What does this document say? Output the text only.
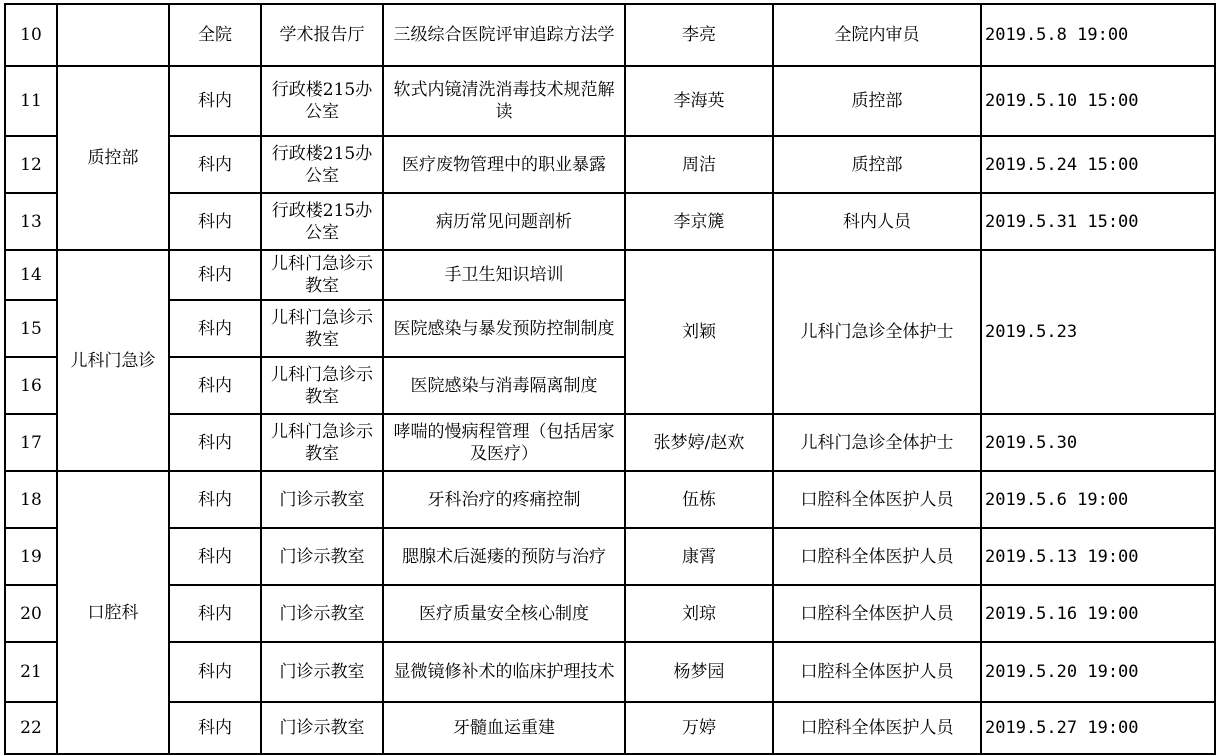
10		全院	学术报告厅	三级综合医院评审追踪方法学	李亮	全院内审员	2019.5.8 19:00
11	质控部	科内	行政楼215办公室	软式内镜清洗消毒技术规范解读	李海英	质控部	2019.5.10 15:00
12		科内	行政楼215办公室	医疗废物管理中的职业暴露	周洁	质控部	2019.5.24 15:00
13		科内	行政楼215办公室	病历常见问题剖析	李京篪	科内人员	2019.5.31 15:00
14	儿科门急诊	科内	儿科门急诊示教室	手卫生知识培训	刘颖	儿科门急诊全体护士	2019.5.23
15		科内	儿科门急诊示教室	医院感染与暴发预防控制制度			
16		科内	儿科门急诊示教室	医院感染与消毒隔离制度			
17		科内	儿科门急诊示教室	哮喘的慢病程管理（包括居家及医疗）	张梦婷/赵欢	儿科门急诊全体护士	2019.5.30
18	口腔科	科内	门诊示教室	牙科治疗的疼痛控制	伍栋	口腔科全体医护人员	2019.5.6 19:00
19		科内	门诊示教室	腮腺术后涎瘘的预防与治疗	康霄	口腔科全体医护人员	2019.5.13 19:00
20		科内	门诊示教室	医疗质量安全核心制度	刘琼	口腔科全体医护人员	2019.5.16 19:00
21		科内	门诊示教室	显微镜修补术的临床护理技术	杨梦园	口腔科全体医护人员	2019.5.20 19:00
22		科内	门诊示教室	牙髓血运重建	万婷	口腔科全体医护人员	2019.5.27 19:00
